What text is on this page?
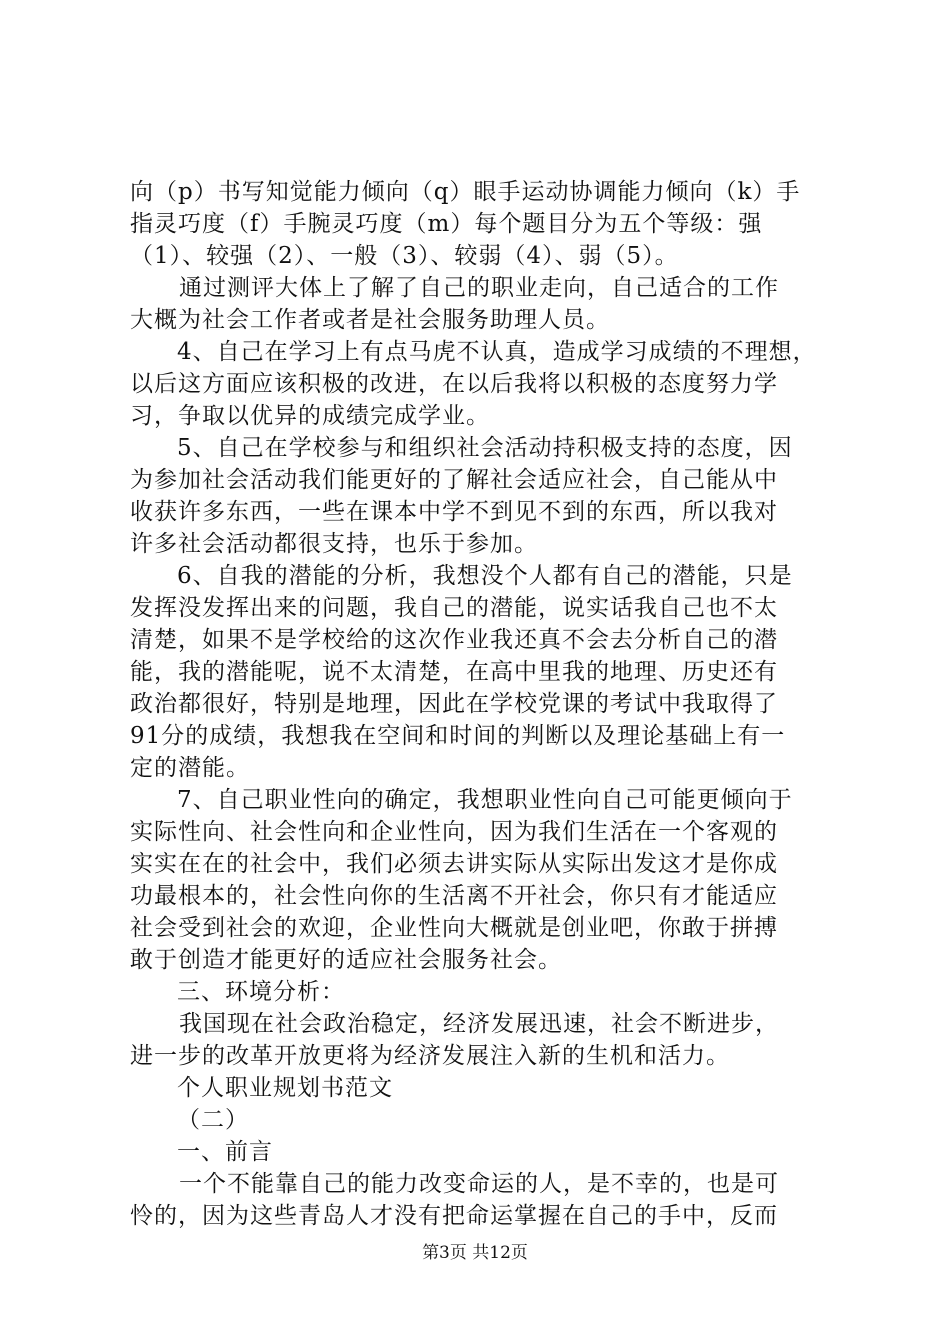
向（p）书写知觉能力倾向（q）眼手运动协调能力倾向（k）手
指灵巧度（f）手腕灵巧度（m）每个题目分为五个等级：强
（1）、较强（2）、一般（3）、较弱（4）、弱（5）。
通过测评大体上了解了自己的职业走向，自己适合的工作
大概为社会工作者或者是社会服务助理人员。
4、自己在学习上有点马虎不认真，造成学习成绩的不理想，
以后这方面应该积极的改进，在以后我将以积极的态度努力学
习，争取以优异的成绩完成学业。
5、自己在学校参与和组织社会活动持积极支持的态度，因
为参加社会活动我们能更好的了解社会适应社会，自己能从中
收获许多东西，一些在课本中学不到见不到的东西，所以我对
许多社会活动都很支持，也乐于参加。
6、自我的潜能的分析，我想没个人都有自己的潜能，只是
发挥没发挥出来的问题，我自己的潜能，说实话我自己也不太
清楚，如果不是学校给的这次作业我还真不会去分析自己的潜
能，我的潜能呢，说不太清楚，在高中里我的地理、历史还有
政治都很好，特别是地理，因此在学校党课的考试中我取得了
91分的成绩，我想我在空间和时间的判断以及理论基础上有一
定的潜能。
7、自己职业性向的确定，我想职业性向自己可能更倾向于
实际性向、社会性向和企业性向，因为我们生活在一个客观的
实实在在的社会中，我们必须去讲实际从实际出发这才是你成
功最根本的，社会性向你的生活离不开社会，你只有才能适应
社会受到社会的欢迎，企业性向大概就是创业吧，你敢于拼搏
敢于创造才能更好的适应社会服务社会。
三、环境分析：
我国现在社会政治稳定，经济发展迅速，社会不断进步，
进一步的改革开放更将为经济发展注入新的生机和活力。
个人职业规划书范文
（二）
一、前言
一个不能靠自己的能力改变命运的人，是不幸的，也是可
怜的，因为这些青岛人才没有把命运掌握在自己的手中，反而
第3页 共12页
